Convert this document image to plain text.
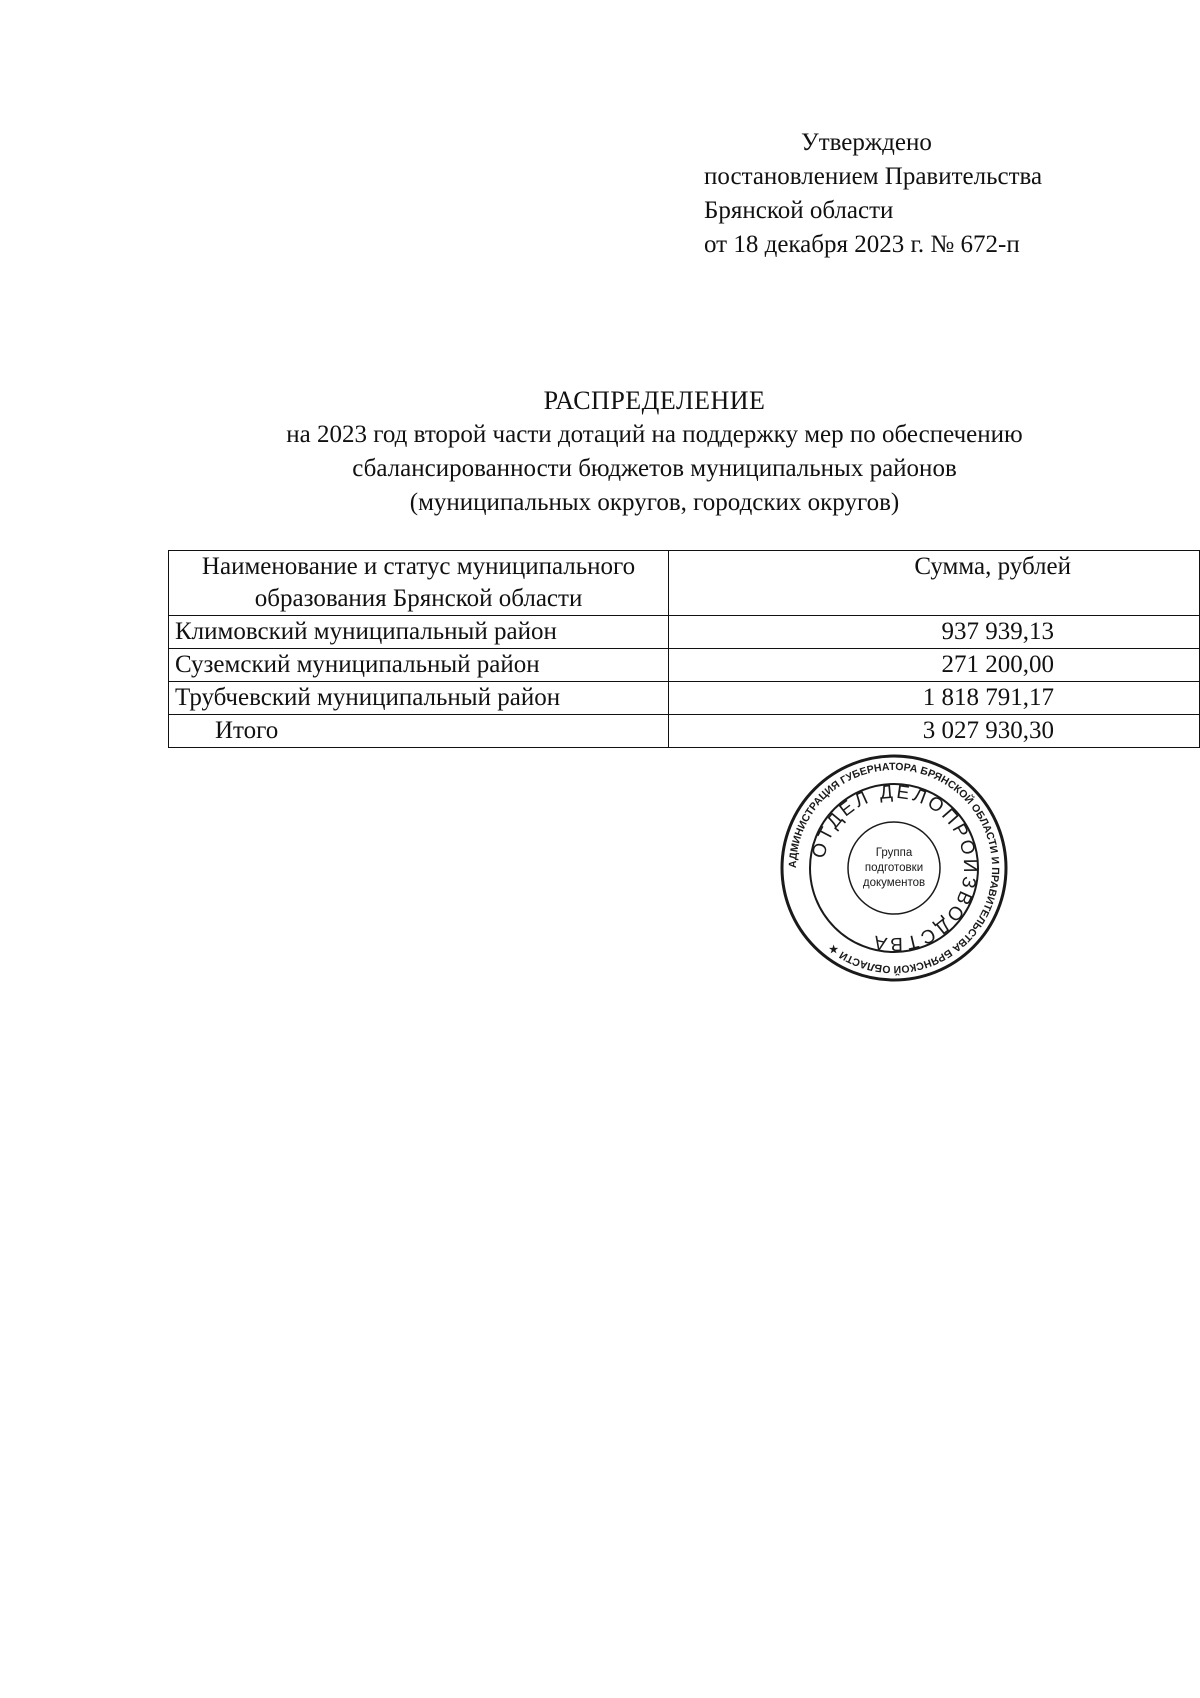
Утверждено
постановлением Правительства
Брянской области
от 18 декабря 2023 г. № 672-п
РАСПРЕДЕЛЕНИЕ
на 2023 год второй части дотаций на поддержку мер по обеспечению
сбалансированности бюджетов муниципальных районов
(муниципальных округов, городских округов)
Наименование и статус муниципального образования Брянской области	Сумма, рублей
Климовский муниципальный район	937 939,13
Суземский муниципальный район	271 200,00
Трубчевский муниципальный район	1 818 791,17
Итого	3 027 930,30
АДМИНИСТРАЦИЯ ГУБЕРНАТОРА БРЯНСКОЙ ОБЛАСТИ И ПРАВИТЕЛЬСТВА БРЯНСКОЙ ОБЛАСТИ ★
ОТДЕЛ ДЕЛОПРОИЗВОДСТВА
Группа
подготовки
документов
